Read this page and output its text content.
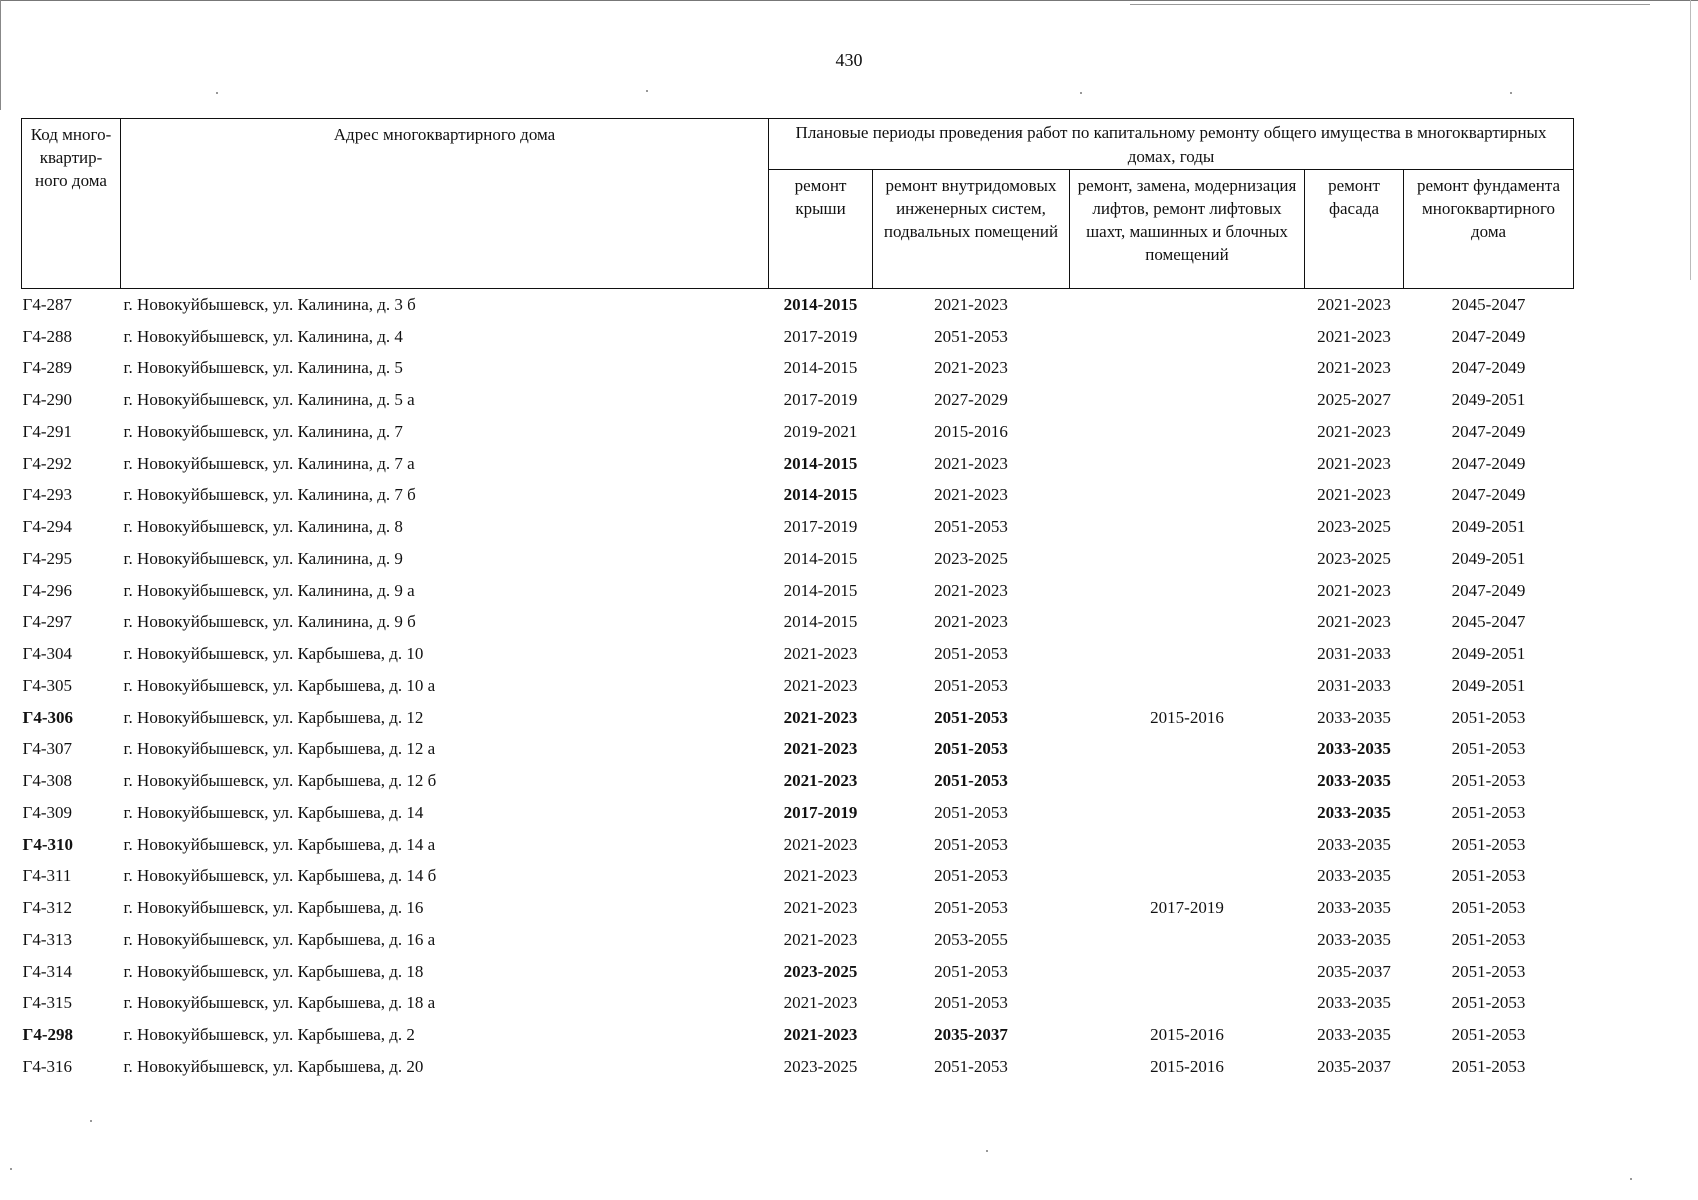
430
Код много-квартир-ного дома	Адрес многоквартирного дома	Плановые периоды проведения работ по капитальному ремонту общего имущества в многоквартирных домах, годы				
		ремонт крыши	ремонт внутридомовых инженерных систем, подвальных помещений	ремонт, замена, модернизация лифтов, ремонт лифтовых шахт, машинных и блочных помещений	ремонт фасада	ремонт фундамента многоквартирного дома
Г4-287	г. Новокуйбышевск, ул. Калинина, д. 3 б	2014-2015	2021-2023		2021-2023	2045-2047
Г4-288	г. Новокуйбышевск, ул. Калинина, д. 4	2017-2019	2051-2053		2021-2023	2047-2049
Г4-289	г. Новокуйбышевск, ул. Калинина, д. 5	2014-2015	2021-2023		2021-2023	2047-2049
Г4-290	г. Новокуйбышевск, ул. Калинина, д. 5 а	2017-2019	2027-2029		2025-2027	2049-2051
Г4-291	г. Новокуйбышевск, ул. Калинина, д. 7	2019-2021	2015-2016		2021-2023	2047-2049
Г4-292	г. Новокуйбышевск, ул. Калинина, д. 7 а	2014-2015	2021-2023		2021-2023	2047-2049
Г4-293	г. Новокуйбышевск, ул. Калинина, д. 7 б	2014-2015	2021-2023		2021-2023	2047-2049
Г4-294	г. Новокуйбышевск, ул. Калинина, д. 8	2017-2019	2051-2053		2023-2025	2049-2051
Г4-295	г. Новокуйбышевск, ул. Калинина, д. 9	2014-2015	2023-2025		2023-2025	2049-2051
Г4-296	г. Новокуйбышевск, ул. Калинина, д. 9 а	2014-2015	2021-2023		2021-2023	2047-2049
Г4-297	г. Новокуйбышевск, ул. Калинина, д. 9 б	2014-2015	2021-2023		2021-2023	2045-2047
Г4-304	г. Новокуйбышевск, ул. Карбышева, д. 10	2021-2023	2051-2053		2031-2033	2049-2051
Г4-305	г. Новокуйбышевск, ул. Карбышева, д. 10 а	2021-2023	2051-2053		2031-2033	2049-2051
Г4-306	г. Новокуйбышевск, ул. Карбышева, д. 12	2021-2023	2051-2053	2015-2016	2033-2035	2051-2053
Г4-307	г. Новокуйбышевск, ул. Карбышева, д. 12 а	2021-2023	2051-2053		2033-2035	2051-2053
Г4-308	г. Новокуйбышевск, ул. Карбышева, д. 12 б	2021-2023	2051-2053		2033-2035	2051-2053
Г4-309	г. Новокуйбышевск, ул. Карбышева, д. 14	2017-2019	2051-2053		2033-2035	2051-2053
Г4-310	г. Новокуйбышевск, ул. Карбышева, д. 14 а	2021-2023	2051-2053		2033-2035	2051-2053
Г4-311	г. Новокуйбышевск, ул. Карбышева, д. 14 б	2021-2023	2051-2053		2033-2035	2051-2053
Г4-312	г. Новокуйбышевск, ул. Карбышева, д. 16	2021-2023	2051-2053	2017-2019	2033-2035	2051-2053
Г4-313	г. Новокуйбышевск, ул. Карбышева, д. 16 а	2021-2023	2053-2055		2033-2035	2051-2053
Г4-314	г. Новокуйбышевск, ул. Карбышева, д. 18	2023-2025	2051-2053		2035-2037	2051-2053
Г4-315	г. Новокуйбышевск, ул. Карбышева, д. 18 а	2021-2023	2051-2053		2033-2035	2051-2053
Г4-298	г. Новокуйбышевск, ул. Карбышева, д. 2	2021-2023	2035-2037	2015-2016	2033-2035	2051-2053
Г4-316	г. Новокуйбышевск, ул. Карбышева, д. 20	2023-2025	2051-2053	2015-2016	2035-2037	2051-2053
